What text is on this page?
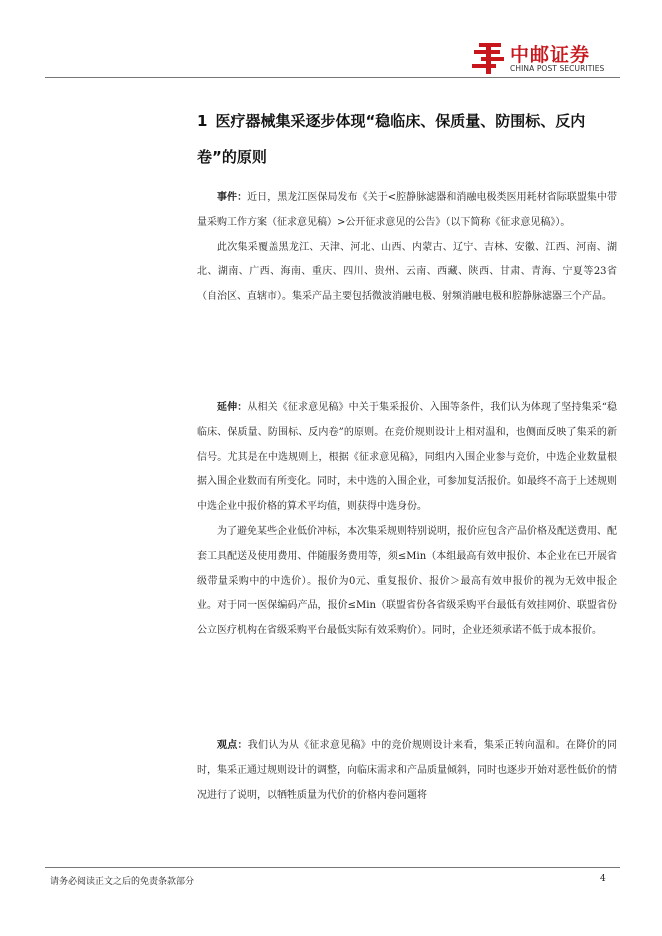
中邮证券
CHINA POST SECURITIES
1 医疗器械集采逐步体现“稳临床、保质量、防围标、反内卷”的原则

事件：近日，黑龙江医保局发布《关于<腔静脉滤器和消融电极类医用耗材省际联盟集中带量采购工作方案（征求意见稿）>公开征求意见的公告》（以下简称《征求意见稿》）。

此次集采覆盖黑龙江、天津、河北、山西、内蒙古、辽宁、吉林、安徽、江西、河南、湖北、湖南、广西、海南、重庆、四川、贵州、云南、西藏、陕西、甘肃、青海、宁夏等23省（自治区、直辖市）。集采产品主要包括微波消融电极、射频消融电极和腔静脉滤器三个产品。

延伸：从相关《征求意见稿》中关于集采报价、入围等条件，我们认为体现了坚持集采“稳临床、保质量、防围标、反内卷”的原则。在竞价规则设计上相对温和，也侧面反映了集采的新信号。尤其是在中选规则上，根据《征求意见稿》，同组内入围企业参与竞价，中选企业数量根据入围企业数而有所变化。同时，未中选的入围企业，可参加复活报价。如最终不高于上述规则中选企业中报价格的算术平均值，则获得中选身份。

为了避免某些企业低价冲标，本次集采规则特别说明，报价应包含产品价格及配送费用、配套工具配送及使用费用、伴随服务费用等，须≤Min（本组最高有效申报价、本企业在已开展省级带量采购中的中选价）。报价为0元、重复报价、报价＞最高有效申报价的视为无效申报企业。对于同一医保编码产品，报价≤Min（联盟省份各省级采购平台最低有效挂网价、联盟省份公立医疗机构在省级采购平台最低实际有效采购价）。同时，企业还须承诺不低于成本报价。

观点：我们认为从《征求意见稿》中的竞价规则设计来看，集采正转向温和。在降价的同时，集采正通过规则设计的调整，向临床需求和产品质量倾斜，同时也逐步开始对恶性低价的情况进行了说明，以牺牲质量为代价的价格内卷问题将

请务必阅读正文之后的免责条款部分	4
